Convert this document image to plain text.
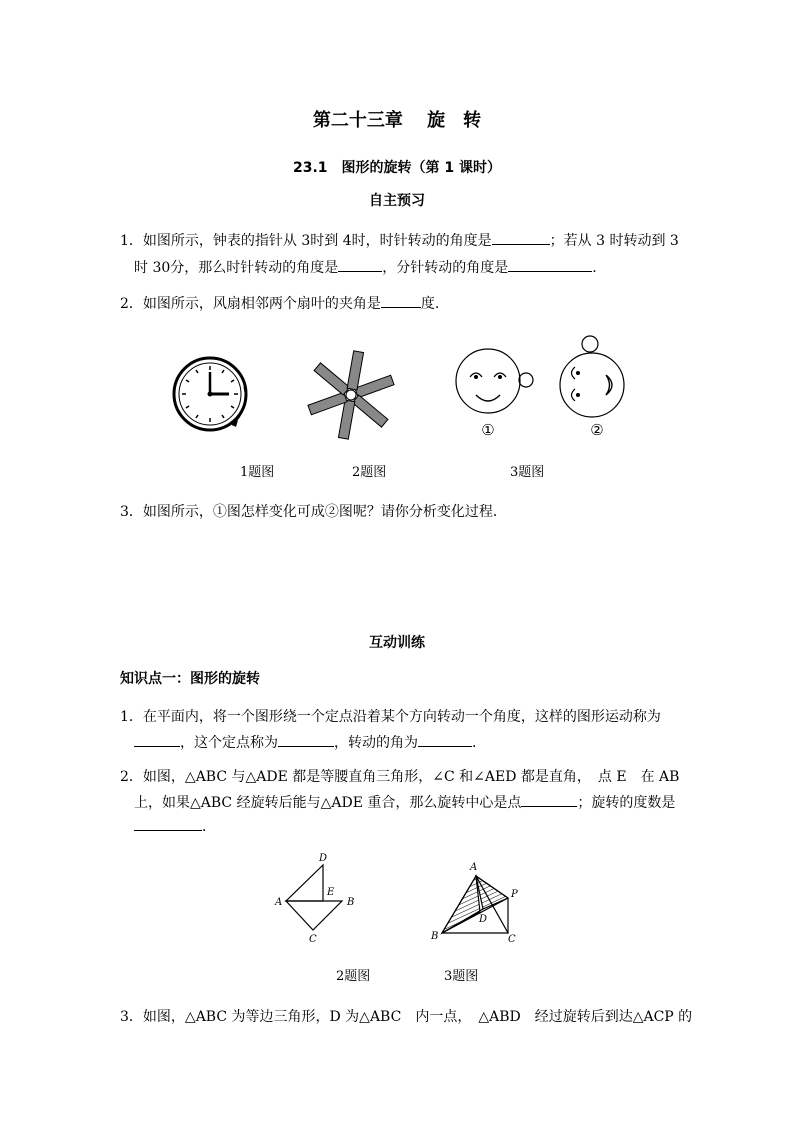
第二十三章　 旋　转
23.1　图形的旋转（第 1 课时）
自主预习
1．如图所示，钟表的指针从 3时到 4时，时针转动的角度是	；若从 3 时转动到 3
时 30分，那么时针转动的角度是	，分针转动的角度是	.
2．如图所示，风扇相邻两个扇叶的夹角是	度.
①	②
1题图	2题图	3题图
3．如图所示，①图怎样变化可成②图呢？请你分析变化过程．
互动训练
知识点一：图形的旋转
1．在平面内，将一个图形绕一个定点沿着某个方向转动一个角度，这样的图形运动称为
，这个定点称为	，转动的角为	．
2．如图，△ABC 与△ADE 都是等腰直角三角形，∠C 和∠AED 都是直角，　点 E　在 AB
上，如果△ABC 经旋转后能与△ADE 重合，那么旋转中心是点	；旋转的度数是
．
D
E
A	B
C
A
P
D
B	C
2题图	3题图
3．如图，△ABC 为等边三角形，D 为△ABC　内一点，　△ABD　经过旋转后到达△ACP 的
